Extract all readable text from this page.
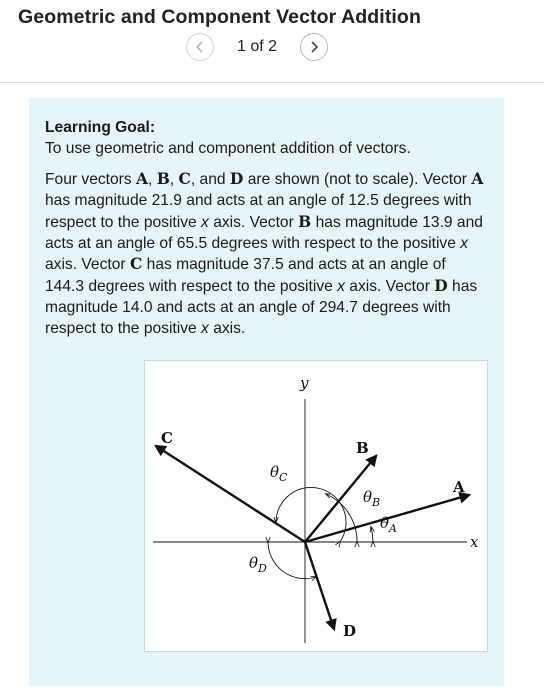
Geometric and Component Vector Addition
1 of 2

Learning Goal:

To use geometric and component addition of vectors.

Four vectors A, B, C, and D are shown (not to scale). Vector A has magnitude 21.9 and acts at an angle of 12.5 degrees with respect to the positive x axis. Vector B has magnitude 13.9 and acts at an angle of 65.5 degrees with respect to the positive x axis. Vector C has magnitude 37.5 and acts at an angle of 144.3 degrees with respect to the positive x axis. Vector D has magnitude 14.0 and acts at an angle of 294.7 degrees with respect to the positive x axis.

x
y
A
B
C
D
$\theta_A$
$\theta_B$
$\theta_C$
$\theta_D$
